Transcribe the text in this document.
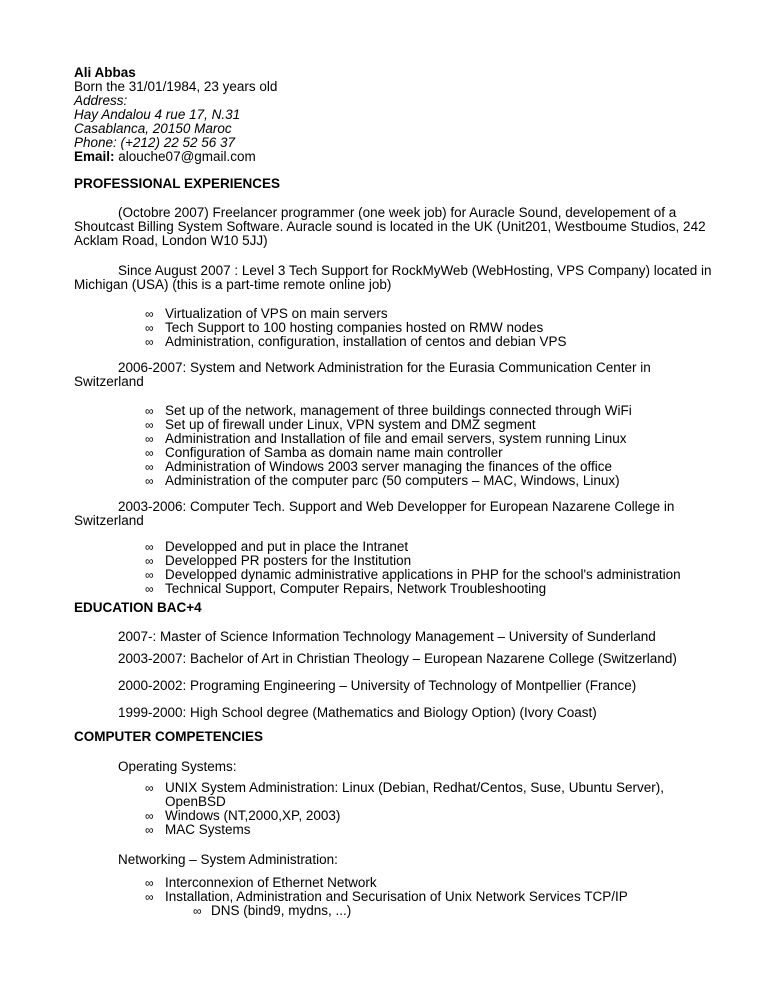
Ali Abbas
Born the 31/01/1984, 23 years old
Address:
Hay Andalou 4 rue 17, N.31
Casablanca, 20150 Maroc
Phone: (+212) 22 52 56 37
Email: alouche07@gmail.com
PROFESSIONAL EXPERIENCES

(Octobre 2007) Freelancer programmer (one week job) for Auracle Sound, developement of a Shoutcast Billing System Software. Auracle sound is located in the UK (Unit201, Westboume Studios, 242 Acklam Road, London W10 5JJ)

Since August 2007 : Level 3 Tech Support for RockMyWeb (WebHosting, VPS Company) located in Michigan (USA) (this is a part-time remote online job)

∞ Virtualization of VPS on main servers
∞ Tech Support to 100 hosting companies hosted on RMW nodes
∞ Administration, configuration, installation of centos and debian VPS

2006-2007: System and Network Administration for the Eurasia Communication Center in Switzerland

∞ Set up of the network, management of three buildings connected through WiFi
∞ Set up of firewall under Linux, VPN system and DMZ segment
∞ Administration and Installation of file and email servers, system running Linux
∞ Configuration of Samba as domain name main controller
∞ Administration of Windows 2003 server managing the finances of the office
∞ Administration of the computer parc (50 computers – MAC, Windows, Linux)

2003-2006: Computer Tech. Support and Web Developper for European Nazarene College in Switzerland

∞ Developped and put in place the Intranet
∞ Developped PR posters for the Institution
∞ Developped dynamic administrative applications in PHP for the school's administration
∞ Technical Support, Computer Repairs, Network Troubleshooting
EDUCATION BAC+4

2007-: Master of Science Information Technology Management – University of Sunderland

2003-2007: Bachelor of Art in Christian Theology – European Nazarene College (Switzerland)

2000-2002: Programing Engineering – University of Technology of Montpellier (France)

1999-2000: High School degree (Mathematics and Biology Option) (Ivory Coast)

COMPUTER COMPETENCIES

Operating Systems:

∞ UNIX System Administration: Linux (Debian, Redhat/Centos, Suse, Ubuntu Server), OpenBSD
∞ Windows (NT,2000,XP, 2003)
∞ MAC Systems

Networking – System Administration:

∞ Interconnexion of Ethernet Network
∞ Installation, Administration and Securisation of Unix Network Services TCP/IP
∞ DNS (bind9, mydns, ...)
